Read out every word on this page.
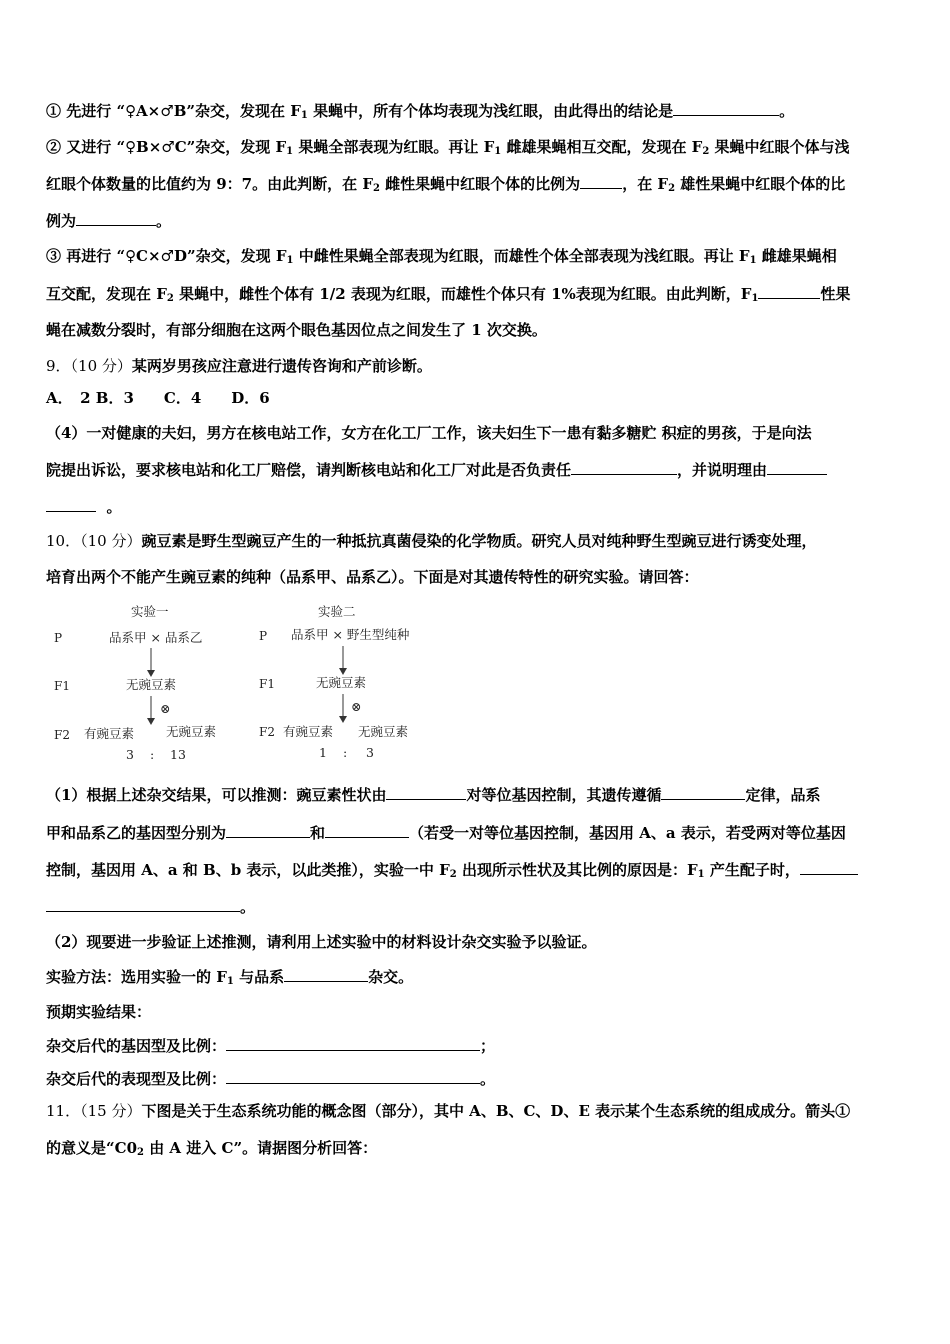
① 先进行 “♀A×♂B”杂交，发现在 $F_1$ 果蝇中，所有个体均表现为浅红眼，由此得出的结论是	。
② 又进行 “♀B×♂C”杂交，发现 $F_1$ 果蝇全部表现为红眼。再让 $F_1$ 雌雄果蝇相互交配，发现在 $F_2$ 果蝇中红眼个体与浅
红眼个体数量的比值约为 9：7。由此判断，在 $F_2$ 雌性果蝇中红眼个体的比例为	，在 $F_2$ 雄性果蝇中红眼个体的比
例为	。
③ 再进行 “♀C×♂D”杂交，发现 $F_1$ 中雌性果蝇全部表现为红眼，而雄性个体全部表现为浅红眼。再让 $F_1$ 雌雄果蝇相
互交配，发现在 $F_2$ 果蝇中，雌性个体有 1/2 表现为红眼，而雄性个体只有 1%表现为红眼。由此判断，$F_1$	性果
蝇在减数分裂时，有部分细胞在这两个眼色基因位点之间发生了 1 次交换。
9．（10 分）某两岁男孩应注意进行遗传咨询和产前诊断。
A．　2 B．3　　C．4　　D．6
（4）一对健康的夫妇，男方在核电站工作，女方在化工厂工作，该夫妇生下一患有黏多糖贮 积症的男孩，于是向法
院提出诉讼，要求核电站和化工厂赔偿，请判断核电站和化工厂对此是否负责任	，并说明理由
。
10．（10 分）豌豆素是野生型豌豆产生的一种抵抗真菌侵染的化学物质。研究人员对纯种野生型豌豆进行诱变处理，
培育出两个不能产生豌豆素的纯种（品系甲、品系乙）。下面是对其遗传特性的研究实验。请回答：
实验一
P	品系甲 × 品系乙
F1	无豌豆素
⊗
F2 有豌豆素	无豌豆素
3 : 13
实验二
P 品系甲 × 野生型纯种
F1	无豌豆素
⊗
F2 有豌豆素 无豌豆素
1 : 3
（1）根据上述杂交结果，可以推测：豌豆素性状由	对等位基因控制，其遗传遵循	定律，品系
甲和品系乙的基因型分别为	和	（若受一对等位基因控制，基因用 A、a 表示，若受两对等位基因
控制，基因用 A、a 和 B、b 表示，以此类推），实验一中 $F_2$ 出现所示性状及其比例的原因是：$F_1$ 产生配子时，
。
（2）现要进一步验证上述推测，请利用上述实验中的材料设计杂交实验予以验证。
实验方法：选用实验一的 $F_1$ 与品系	杂交。
预期实验结果：
杂交后代的基因型及比例：	；
杂交后代的表现型及比例：	。
11．（15 分）下图是关于生态系统功能的概念图（部分），其中 A、B、C、D、E 表示某个生态系统的组成成分。箭头①
的意义是“$C0_2$ 由 A 进入 C”。请据图分析回答：
